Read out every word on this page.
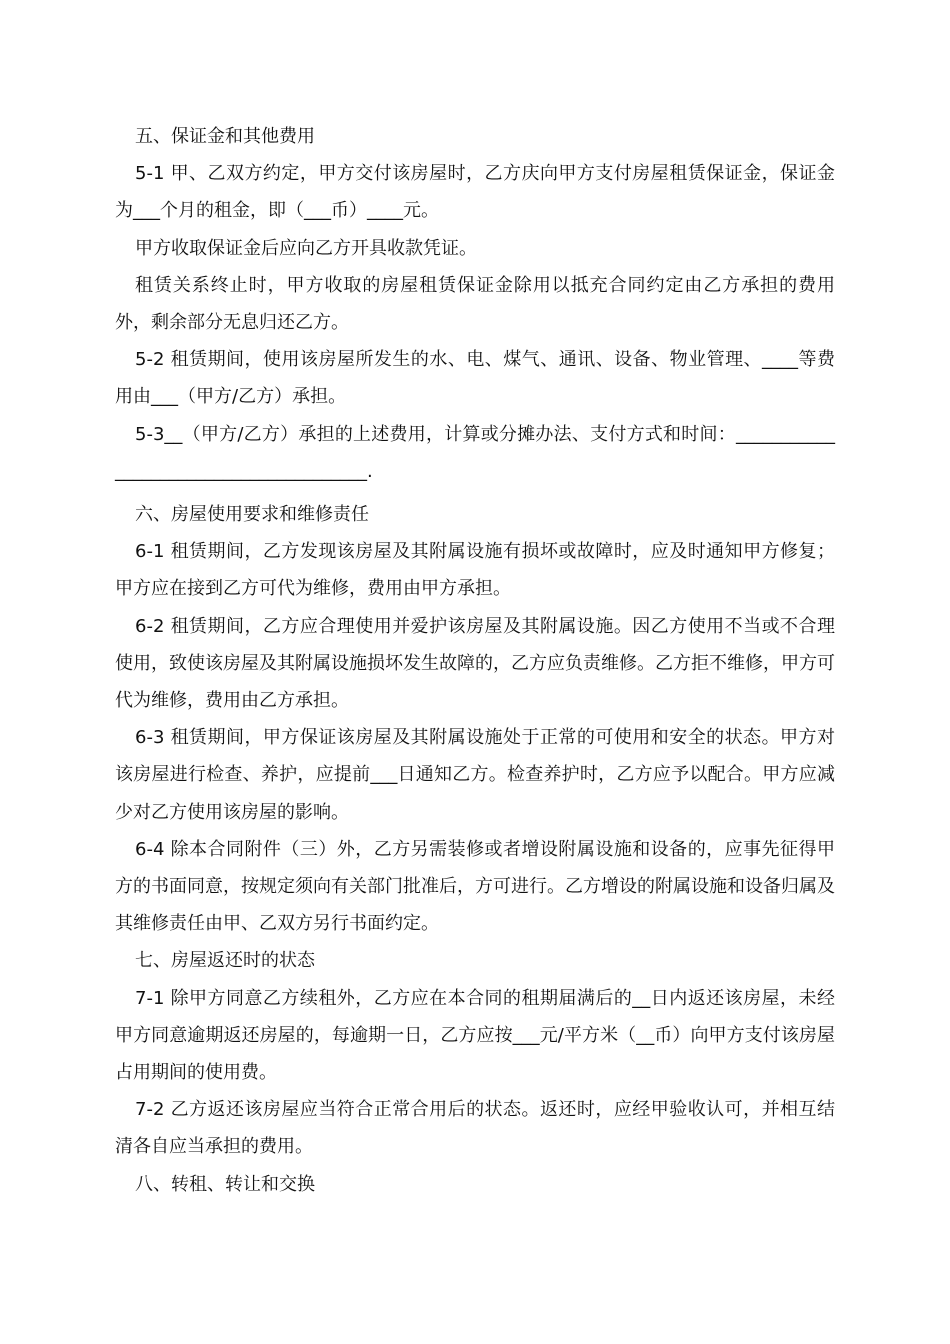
五、保证金和其他费用

5-1 甲、乙双方约定，甲方交付该房屋时，乙方庆向甲方支付房屋租赁保证金，保证金为___个月的租金，即（___币）____元。

甲方收取保证金后应向乙方开具收款凭证。

租赁关系终止时，甲方收取的房屋租赁保证金除用以抵充合同约定由乙方承担的费用外，剩余部分无息归还乙方。

5-2 租赁期间，使用该房屋所发生的水、电、煤气、通讯、设备、物业管理、____等费用由___（甲方/乙方）承担。

5-3__（甲方/乙方）承担的上述费用，计算或分摊办法、支付方式和时间：_______________________________________.

六、房屋使用要求和维修责任

6-1 租赁期间，乙方发现该房屋及其附属设施有损坏或故障时，应及时通知甲方修复；甲方应在接到乙方可代为维修，费用由甲方承担。

6-2 租赁期间，乙方应合理使用并爱护该房屋及其附属设施。因乙方使用不当或不合理使用，致使该房屋及其附属设施损坏发生故障的，乙方应负责维修。乙方拒不维修，甲方可代为维修，费用由乙方承担。

6-3 租赁期间，甲方保证该房屋及其附属设施处于正常的可使用和安全的状态。甲方对该房屋进行检查、养护，应提前___日通知乙方。检查养护时，乙方应予以配合。甲方应减少对乙方使用该房屋的影响。

6-4 除本合同附件（三）外，乙方另需装修或者增设附属设施和设备的，应事先征得甲方的书面同意，按规定须向有关部门批准后，方可进行。乙方增设的附属设施和设备归属及其维修责任由甲、乙双方另行书面约定。

七、房屋返还时的状态

7-1 除甲方同意乙方续租外，乙方应在本合同的租期届满后的__日内返还该房屋，未经甲方同意逾期返还房屋的，每逾期一日，乙方应按___元/平方米（__币）向甲方支付该房屋占用期间的使用费。

7-2 乙方返还该房屋应当符合正常合用后的状态。返还时，应经甲验收认可，并相互结清各自应当承担的费用。

八、转租、转让和交换
